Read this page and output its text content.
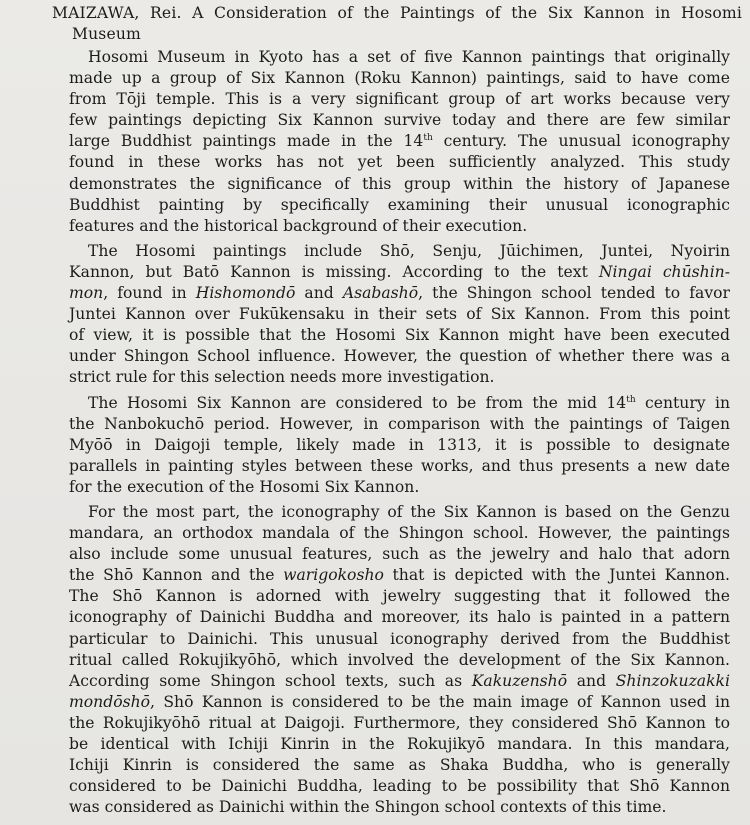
MAIZAWA, Rei. A Consideration of the Paintings of the Six Kannon in Hosomi
Museum
Hosomi Museum in Kyoto has a set of five Kannon paintings that originally
made up a group of Six Kannon (Roku Kannon) paintings, said to have come
from Tōji temple. This is a very significant group of art works because very
few paintings depicting Six Kannon survive today and there are few similar
large Buddhist paintings made in the 14th century. The unusual iconography
found in these works has not yet been sufficiently analyzed. This study
demonstrates the significance of this group within the history of Japanese
Buddhist painting by specifically examining their unusual iconographic
features and the historical background of their execution.
The Hosomi paintings include Shō, Senju, Jūichimen, Juntei, Nyoirin
Kannon, but Batō Kannon is missing. According to the text Ningai chūshin-
mon, found in Hishomondō and Asabashō, the Shingon school tended to favor
Juntei Kannon over Fukūkensaku in their sets of Six Kannon. From this point
of view, it is possible that the Hosomi Six Kannon might have been executed
under Shingon School influence. However, the question of whether there was a
strict rule for this selection needs more investigation.
The Hosomi Six Kannon are considered to be from the mid 14th century in
the Nanbokuchō period. However, in comparison with the paintings of Taigen
Myōō in Daigoji temple, likely made in 1313, it is possible to designate
parallels in painting styles between these works, and thus presents a new date
for the execution of the Hosomi Six Kannon.
For the most part, the iconography of the Six Kannon is based on the Genzu
mandara, an orthodox mandala of the Shingon school. However, the paintings
also include some unusual features, such as the jewelry and halo that adorn
the Shō Kannon and the warigokosho that is depicted with the Juntei Kannon.
The Shō Kannon is adorned with jewelry suggesting that it followed the
iconography of Dainichi Buddha and moreover, its halo is painted in a pattern
particular to Dainichi. This unusual iconography derived from the Buddhist
ritual called Rokujikyōhō, which involved the development of the Six Kannon.
According some Shingon school texts, such as Kakuzenshō and Shinzokuzakki
mondōshō, Shō Kannon is considered to be the main image of Kannon used in
the Rokujikyōhō ritual at Daigoji. Furthermore, they considered Shō Kannon to
be identical with Ichiji Kinrin in the Rokujikyō mandara. In this mandara,
Ichiji Kinrin is considered the same as Shaka Buddha, who is generally
considered to be Dainichi Buddha, leading to be possibility that Shō Kannon
was considered as Dainichi within the Shingon school contexts of this time.
